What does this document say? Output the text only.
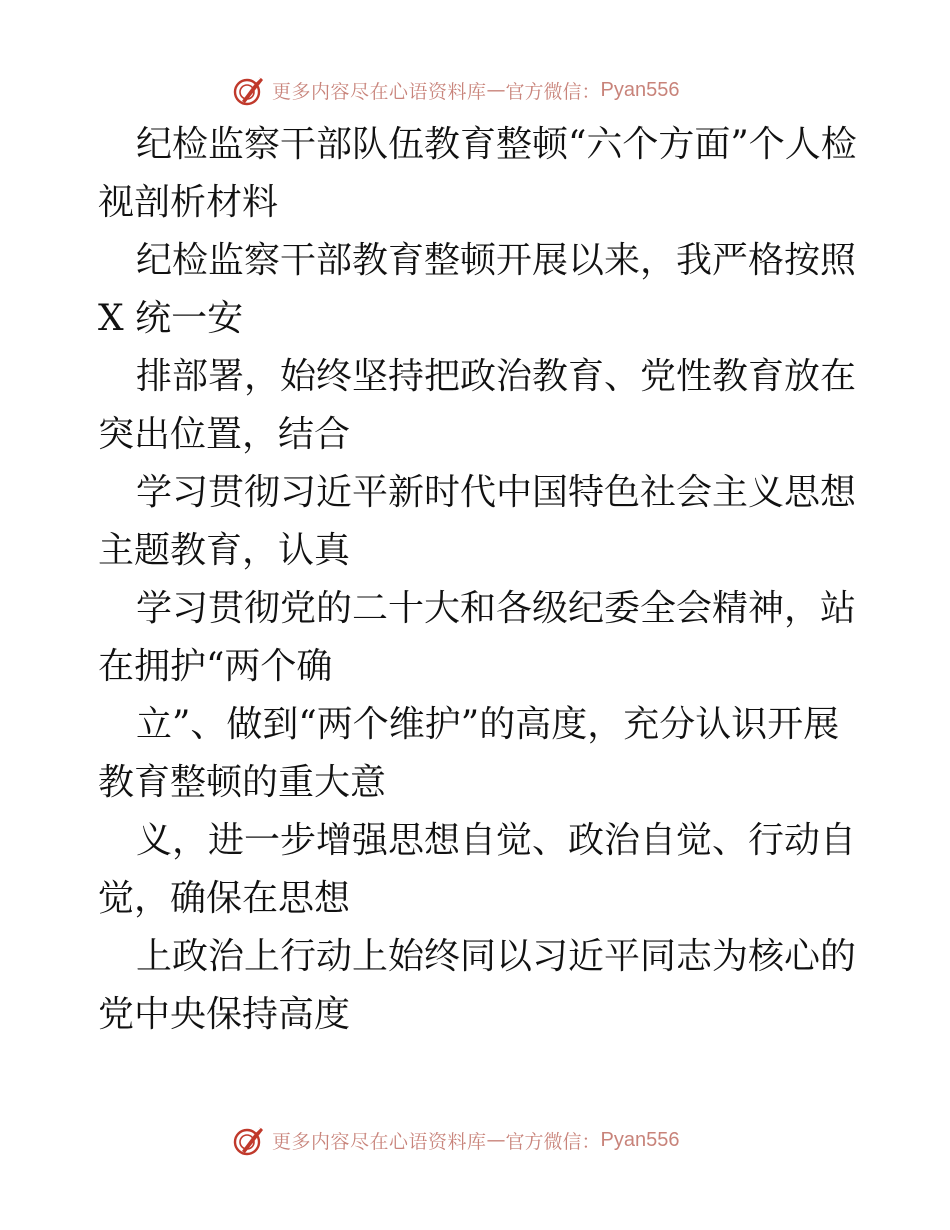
更多内容尽在心语资料库 — 官方微信： Pyan556

纪检监察干部队伍教育整顿“六个方面”个人检视剖析材料

纪检监察干部教育整顿开展以来，我严格按照 X 统一安

排部署，始终坚持把政治教育、党性教育放在突出位置，结合

学习贯彻习近平新时代中国特色社会主义思想主题教育，认真

学习贯彻党的二十大和各级纪委全会精神，站在拥护“两个确

立”、做到“两个维护”的高度，充分认识开展教育整顿的重大意

义，进一步增强思想自觉、政治自觉、行动自觉，确保在思想

上政治上行动上始终同以习近平同志为核心的党中央保持高度

更多内容尽在心语资料库 — 官方微信： Pyan556
